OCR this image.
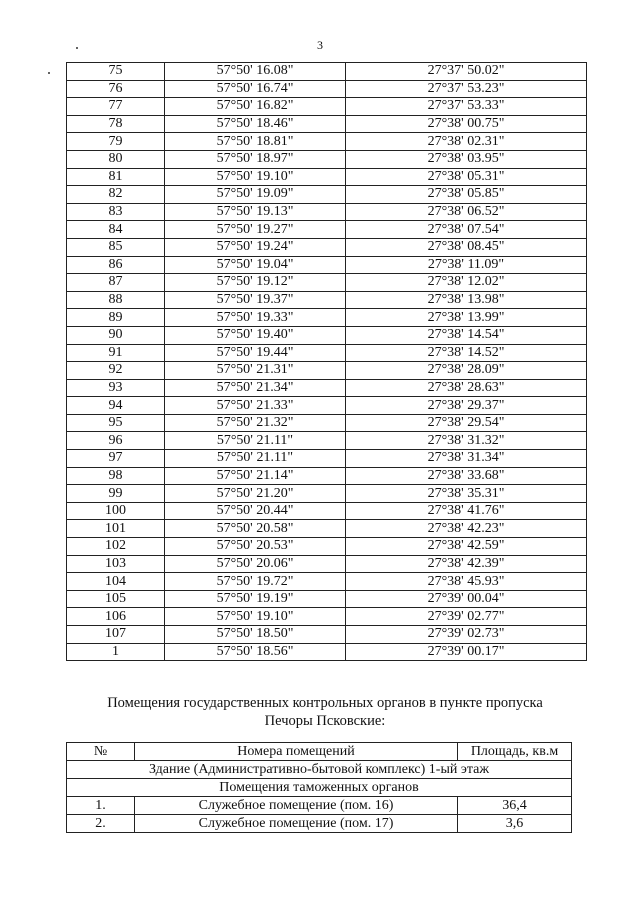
3
75	57°50' 16.08"	27°37' 50.02"
76	57°50' 16.74"	27°37' 53.23"
77	57°50' 16.82"	27°37' 53.33"
78	57°50' 18.46"	27°38' 00.75"
79	57°50' 18.81"	27°38' 02.31"
80	57°50' 18.97"	27°38' 03.95"
81	57°50' 19.10"	27°38' 05.31"
82	57°50' 19.09"	27°38' 05.85"
83	57°50' 19.13"	27°38' 06.52"
84	57°50' 19.27"	27°38' 07.54"
85	57°50' 19.24"	27°38' 08.45"
86	57°50' 19.04"	27°38' 11.09"
87	57°50' 19.12"	27°38' 12.02"
88	57°50' 19.37"	27°38' 13.98"
89	57°50' 19.33"	27°38' 13.99"
90	57°50' 19.40"	27°38' 14.54"
91	57°50' 19.44"	27°38' 14.52"
92	57°50' 21.31"	27°38' 28.09"
93	57°50' 21.34"	27°38' 28.63"
94	57°50' 21.33"	27°38' 29.37"
95	57°50' 21.32"	27°38' 29.54"
96	57°50' 21.11"	27°38' 31.32"
97	57°50' 21.11"	27°38' 31.34"
98	57°50' 21.14"	27°38' 33.68"
99	57°50' 21.20"	27°38' 35.31"
100	57°50' 20.44"	27°38' 41.76"
101	57°50' 20.58"	27°38' 42.23"
102	57°50' 20.53"	27°38' 42.59"
103	57°50' 20.06"	27°38' 42.39"
104	57°50' 19.72"	27°38' 45.93"
105	57°50' 19.19"	27°39' 00.04"
106	57°50' 19.10"	27°39' 02.77"
107	57°50' 18.50"	27°39' 02.73"
1	57°50' 18.56"	27°39' 00.17"
Помещения государственных контрольных органов в пункте пропуска
Печоры Псковские:
№	Номера помещений	Площадь, кв.м
Здание (Административно-бытовой комплекс) 1-ый этаж		
Помещения таможенных органов		
1.	Служебное помещение (пом. 16)	36,4
2.	Служебное помещение (пом. 17)	3,6
